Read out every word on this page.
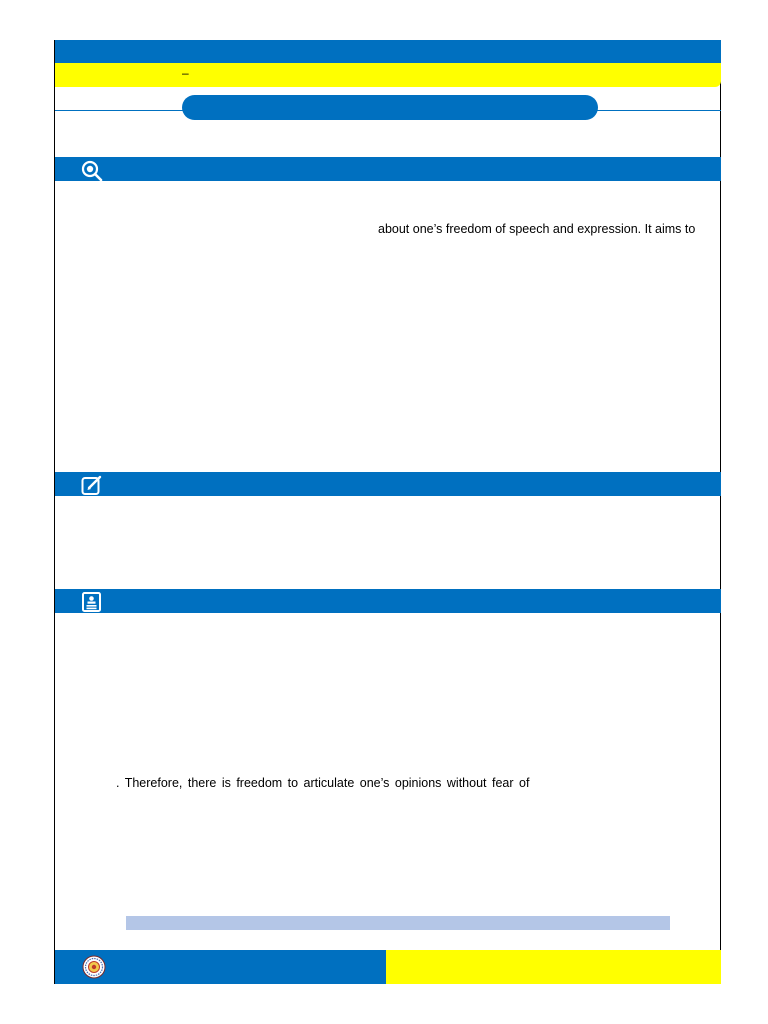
–
about one’s freedom of speech and expression. It aims to
. Therefore, there is freedom to articulate one’s opinions without fear of
